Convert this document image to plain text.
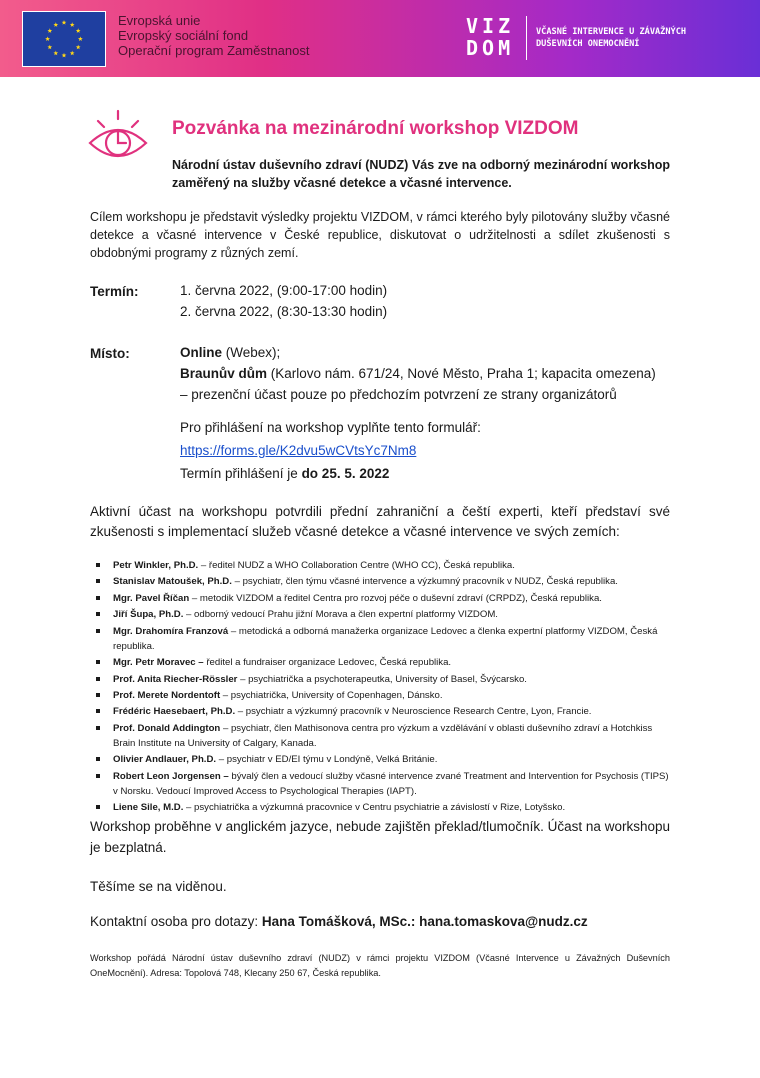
Evropská unie
Evropský sociální fond
Operační program Zaměstnanost
VIZ
DOM
VČASNÉ INTERVENCE U ZÁVAŽNÝCH
DUŠEVNÍCH ONEMOCNĚNÍ
Pozvánka na mezinárodní workshop VIZDOM
Národní ústav duševního zdraví (NUDZ) Vás zve na odborný mezinárodní workshop zaměřený na služby včasné detekce a včasné intervence.
Cílem workshopu je představit výsledky projektu VIZDOM, v rámci kterého byly pilotovány služby včasné detekce a včasné intervence v České republice, diskutovat o udržitelnosti a sdílet zkušenosti s obdobnými programy z různých zemí.
Termín:	1. června 2022, (9:00-17:00 hodin)
2. června 2022, (8:30-13:30 hodin)
Místo:	Online (Webex);
Braunův dům (Karlovo nám. 671/24, Nové Město, Praha 1; kapacita omezena)
– prezenční účast pouze po předchozím potvrzení ze strany organizátorů
Pro přihlášení na workshop vyplňte tento formulář:
https://forms.gle/K2dvu5wCVtsYc7Nm8
Termín přihlášení je do 25. 5. 2022
Aktivní účast na workshopu potvrdili přední zahraniční a čeští experti, kteří představí své zkušenosti s implementací služeb včasné detekce a včasné intervence ve svých zemích:
Petr Winkler, Ph.D. – ředitel NUDZ a WHO Collaboration Centre (WHO CC), Česká republika.
Stanislav Matoušek, Ph.D. – psychiatr, člen týmu včasné intervence a výzkumný pracovník v NUDZ, Česká republika.
Mgr. Pavel Říčan – metodik VIZDOM a ředitel Centra pro rozvoj péče o duševní zdraví (CRPDZ), Česká republika.
Jiří Šupa, Ph.D. – odborný vedoucí Prahu jižní Morava a člen expertní platformy VIZDOM.
Mgr. Drahomíra Franzová – metodická a odborná manažerka organizace Ledovec a členka expertní platformy VIZDOM, Česká republika.
Mgr. Petr Moravec – ředitel a fundraiser organizace Ledovec, Česká republika.
Prof. Anita Riecher-Rössler – psychiatrička a psychoterapeutka, University of Basel, Švýcarsko.
Prof. Merete Nordentoft – psychiatrička, University of Copenhagen, Dánsko.
Frédéric Haesebaert, Ph.D. – psychiatr a výzkumný pracovník v Neuroscience Research Centre, Lyon, Francie.
Prof. Donald Addington – psychiatr, člen Mathisonova centra pro výzkum a vzdělávání v oblasti duševního zdraví a Hotchkiss Brain Institute na University of Calgary, Kanada.
Olivier Andlauer, Ph.D. – psychiatr v ED/EI týmu v Londýně, Velká Británie.
Robert Leon Jorgensen – bývalý člen a vedoucí služby včasné intervence zvané Treatment and Intervention for Psychosis (TIPS) v Norsku. Vedoucí Improved Access to Psychological Therapies (IAPT).
Liene Sile, M.D. – psychiatrička a výzkumná pracovnice v Centru psychiatrie a závislostí v Rize, Lotyšsko.
Workshop proběhne v anglickém jazyce, nebude zajištěn překlad/tlumočník. Účast na workshopu je bezplatná.
Těšíme se na viděnou.
Kontaktní osoba pro dotazy: Hana Tomášková, MSc.: hana.tomaskova@nudz.cz
Workshop pořádá Národní ústav duševního zdraví (NUDZ) v rámci projektu VIZDOM (Včasné Intervence u Závažných Duševních OneMocnění). Adresa: Topolová 748, Klecany 250 67, Česká republika.
